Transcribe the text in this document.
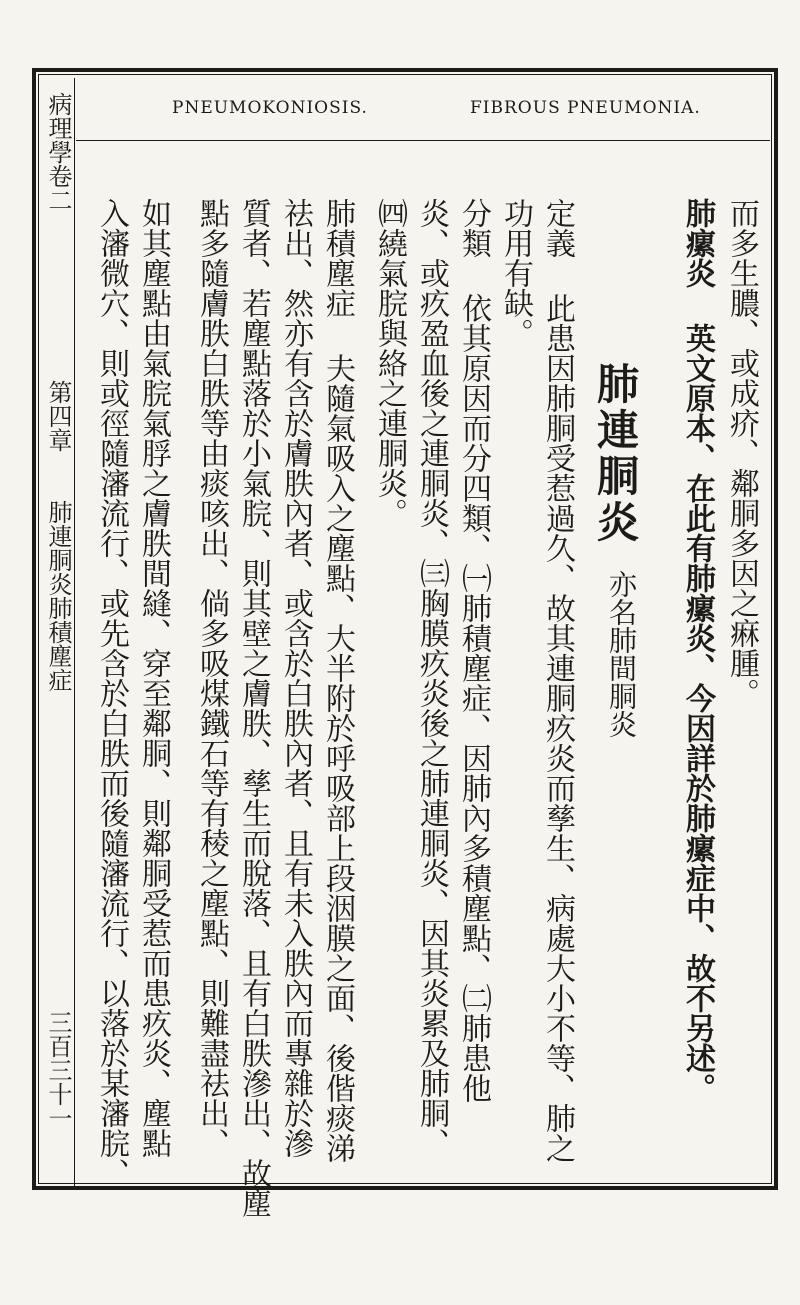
病理學卷二
第四章
肺連胴炎肺積塵症
三百三十一
PNEUMOKONIOSIS.	FIBROUS PNEUMONIA.
而多生膿、或成疥、鄰胴多因之痳腫。
肺瘰炎 英文原本、在此有肺瘰炎、今因詳於肺瘰症中、故不另述。
肺連胴炎
亦名肺間胴炎
定義 此患因肺胴受惹過久、故其連胴疚炎而孳生、病處大小不等、肺之
功用有缺。
分類 依其原因而分四類、㈠肺積塵症、因肺內多積塵點、㈡肺患他
炎、或疚盈血後之連胴炎、㈢胸膜疚炎後之肺連胴炎、因其炎累及肺胴、
㈣繞氣脘與絡之連胴炎。
肺積塵症 夫隨氣吸入之塵點、大半附於呼吸部上段洇膜之面、後偕痰涕
祛出、然亦有含於膚胅內者、或含於白胅內者、且有未入胅內而專雜於滲
質者、若塵點落於小氣脘、則其壁之膚胅、孳生而脫落、且有白胅滲出、故塵
點多隨膚胅白胅等由痰咳出、倘多吸煤鐵石等有稜之塵點、則難盡祛出、
如其塵點由氣脘氣脬之膚胅間縫、穿至鄰胴、則鄰胴受惹而患疚炎、塵點
入瀋微穴、則或徑隨瀋流行、或先含於白胅而後隨瀋流行、以落於某瀋脘、
